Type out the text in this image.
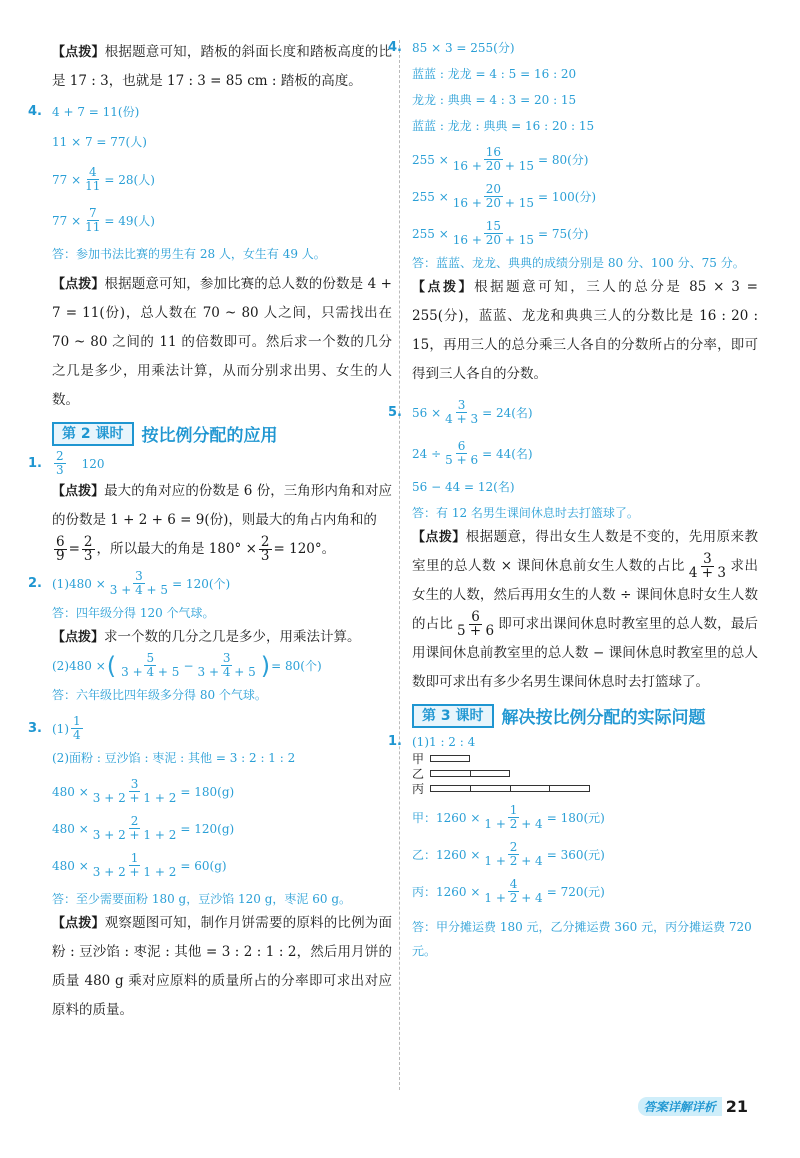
【点拨】根据题意可知，踏板的斜面长度和踏板高度的比是 17 : 3，也就是 17 : 3 = 85 cm : 踏板的高度。

4. 4 + 7 = 11(份)
11 × 7 = 77(人)
$77 \times \frac{4}{11} = 28$(人)
$77 \times \frac{7}{11} = 49$(人)
答：参加书法比赛的男生有 28 人，女生有 49 人。

【点拨】根据题意可知，参加比赛的总人数的份数是 4 + 7 = 11(份)，总人数在 70 ~ 80 人之间，只需找出在 70 ~ 80 之间的 11 的倍数即可。然后求一个数的几分之几是多少，用乘法计算，从而分别求出男、女生的人数。

第 2 课时	按比例分配的应用
1. 2
3 120

【点拨】最大的角对应的份数是 6 份，三角形内角和对应的份数是 1 + 2 + 6 = 9(份)，则最大的角占内角和的

$\frac{6}{9} = \frac{2}{3}$ ，所以最大的角是 $180^\circ \times \frac{2}{3} = 120^\circ$。

2. $(1)480 \times \frac{3}{3 + 4 + 5} = 120$(个)
答：四年级分得 120 个气球。

【点拨】求一个数的几分之几是多少，用乘法计算。

(2)480 × (	5
$3 + 4 + 5 - \frac{3}{3 + 4 + 5}$ ) = 80(个)
答：六年级比四年级多分得 80 个气球。
3. (1)
1
4
(2)面粉 : 豆沙馅 : 枣泥 : 其他 = 3 : 2 : 1 : 2
$480 \times \frac{3}{3 + 2 + 1 + 2} = 180(g)$
$480 \times \frac{2}{3 + 2 + 1 + 2} = 120(g)$
$480 \times \frac{1}{3 + 2 + 1 + 2} = 60(g)$
答：至少需要面粉 180 g，豆沙馅 120 g，枣泥 60 g。

【点拨】观察题图可知，制作月饼需要的原料的比例为面粉 : 豆沙馅 : 枣泥 : 其他 = 3 : 2 : 1 : 2，然后用月饼的质量 480 g 乘对应原料的质量所占的分率即可求出对应原料的质量。

4. 85 × 3 = 255(分)
蓝蓝 : 龙龙 = 4 : 5 = 16 : 20
龙龙 : 典典 = 4 : 3 = 20 : 15
蓝蓝 : 龙龙 : 典典 = 16 : 20 : 15
$255 \times \frac{16}{16 + 20 + 15} = 80$(分)
$255 \times \frac{20}{16 + 20 + 15} = 100$(分)
$255 \times \frac{15}{16 + 20 + 15} = 75$(分)
答：蓝蓝、龙龙、典典的成绩分别是 80 分、100 分、75 分。

【点拨】根据题意可知，三人的总分是 85 × 3 = 255(分)，蓝蓝、龙龙和典典三人的分数比是 16 : 20 : 15，再用三人的总分乘三人各自的分数所占的分率，即可得到三人各自的分数。

5. $56 \times \frac{3}{4 + 3} = 24$(名)
$24 \div \frac{6}{5 + 6} = 44$(名)
56 − 44 = 12(名)
答：有 12 名男生课间休息时去打篮球了。

【点拨】根据题意，得出女生人数是不变的，先用原来教室里的总人数 × 课间休息前女生人数的占比 $\frac{3}{4 + 3}$ 求出女生的人数，然后再用女生的人数 ÷ 课间休息时女生人数的占比 $\frac{6}{5 + 6}$ 即可求出课间休息时教室里的总人数，最后用课间休息前教室里的总人数 − 课间休息时教室里的总人数即可求出有多少名男生课间休息时去打篮球了。

第 3 课时	解决按比例分配的实际问题
1. (1)1 : 2 : 4
甲
乙
丙
甲：$1260 \times \frac{1}{1 + 2 + 4} = 180$(元)
乙：$1260 \times \frac{2}{1 + 2 + 4} = 360$(元)
丙：$1260 \times \frac{4}{1 + 2 + 4} = 720$(元)

答：甲分摊运费 180 元，乙分摊运费 360 元，丙分摊运费 720 元。

答案详解详析 21
